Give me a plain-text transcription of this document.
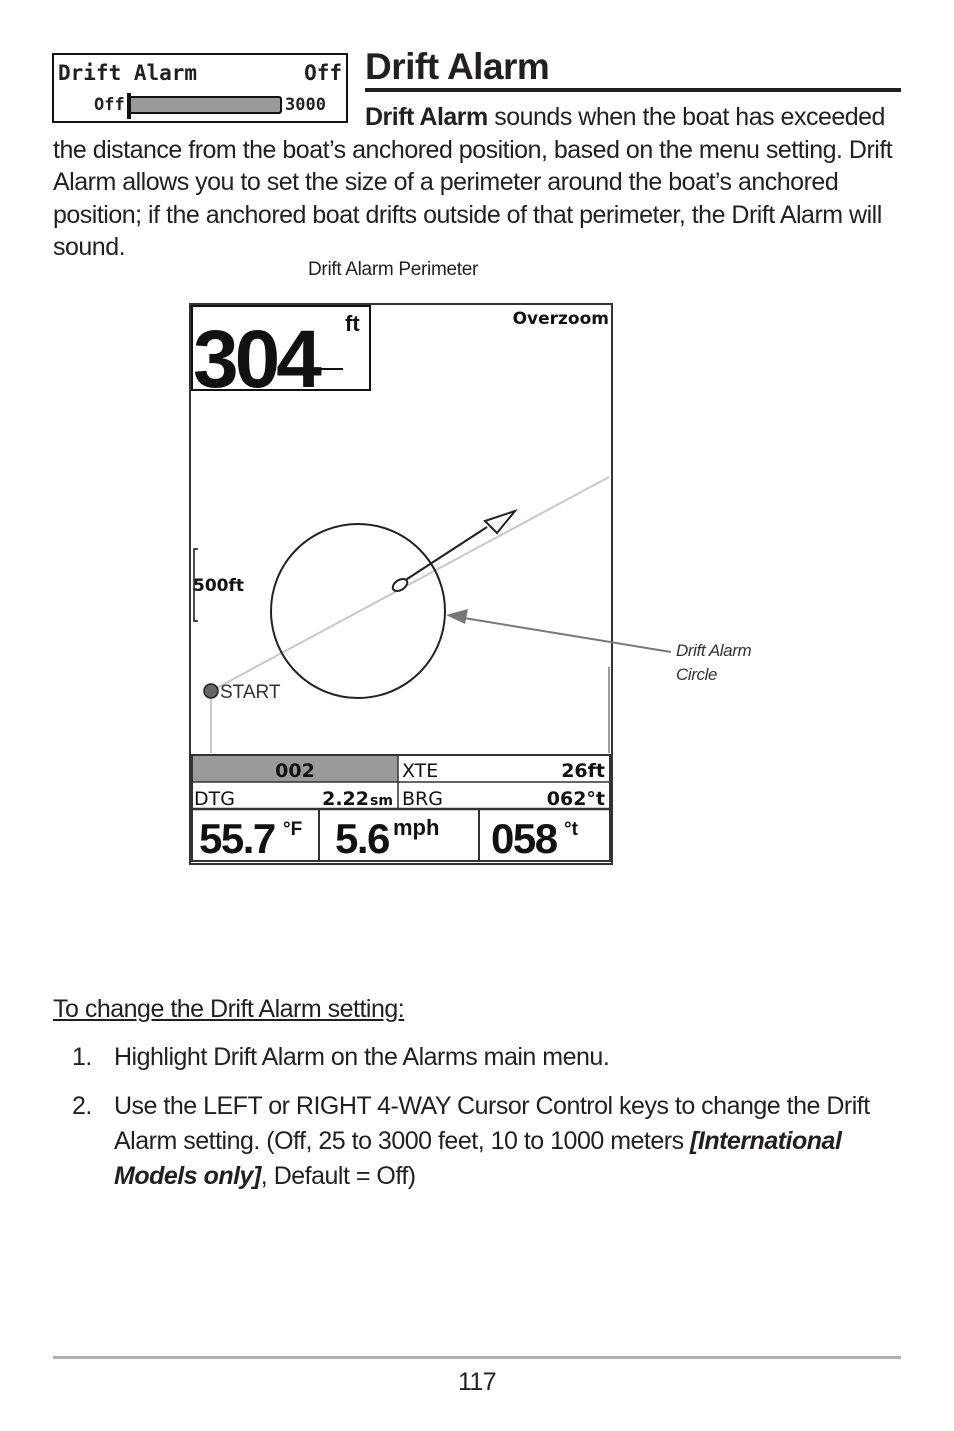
Drift Alarm	Off
Off	3000
Drift Alarm

Drift Alarm sounds when the boat has exceeded the distance from the boat’s anchored position, based on the menu setting. Drift Alarm allows you to set the size of a perimeter around the boat’s anchored position; if the anchored boat drifts outside of that perimeter, the Drift Alarm will sound.

Drift Alarm Perimeter
304 ft	Overzoom
500ft
START
002	XTE	26ft
DTG	2.22 sm BRG	062°t
55.7 °F 5.6 mph 058 °t
Drift Alarm
Circle
To change the Drift Alarm setting:
1. Highlight Drift Alarm on the Alarms main menu.
2. Use the LEFT or RIGHT 4-WAY Cursor Control keys to change the Drift Alarm setting. (Off, 25 to 3000 feet, 10 to 1000 meters [International Models only], Default = Off)
117
